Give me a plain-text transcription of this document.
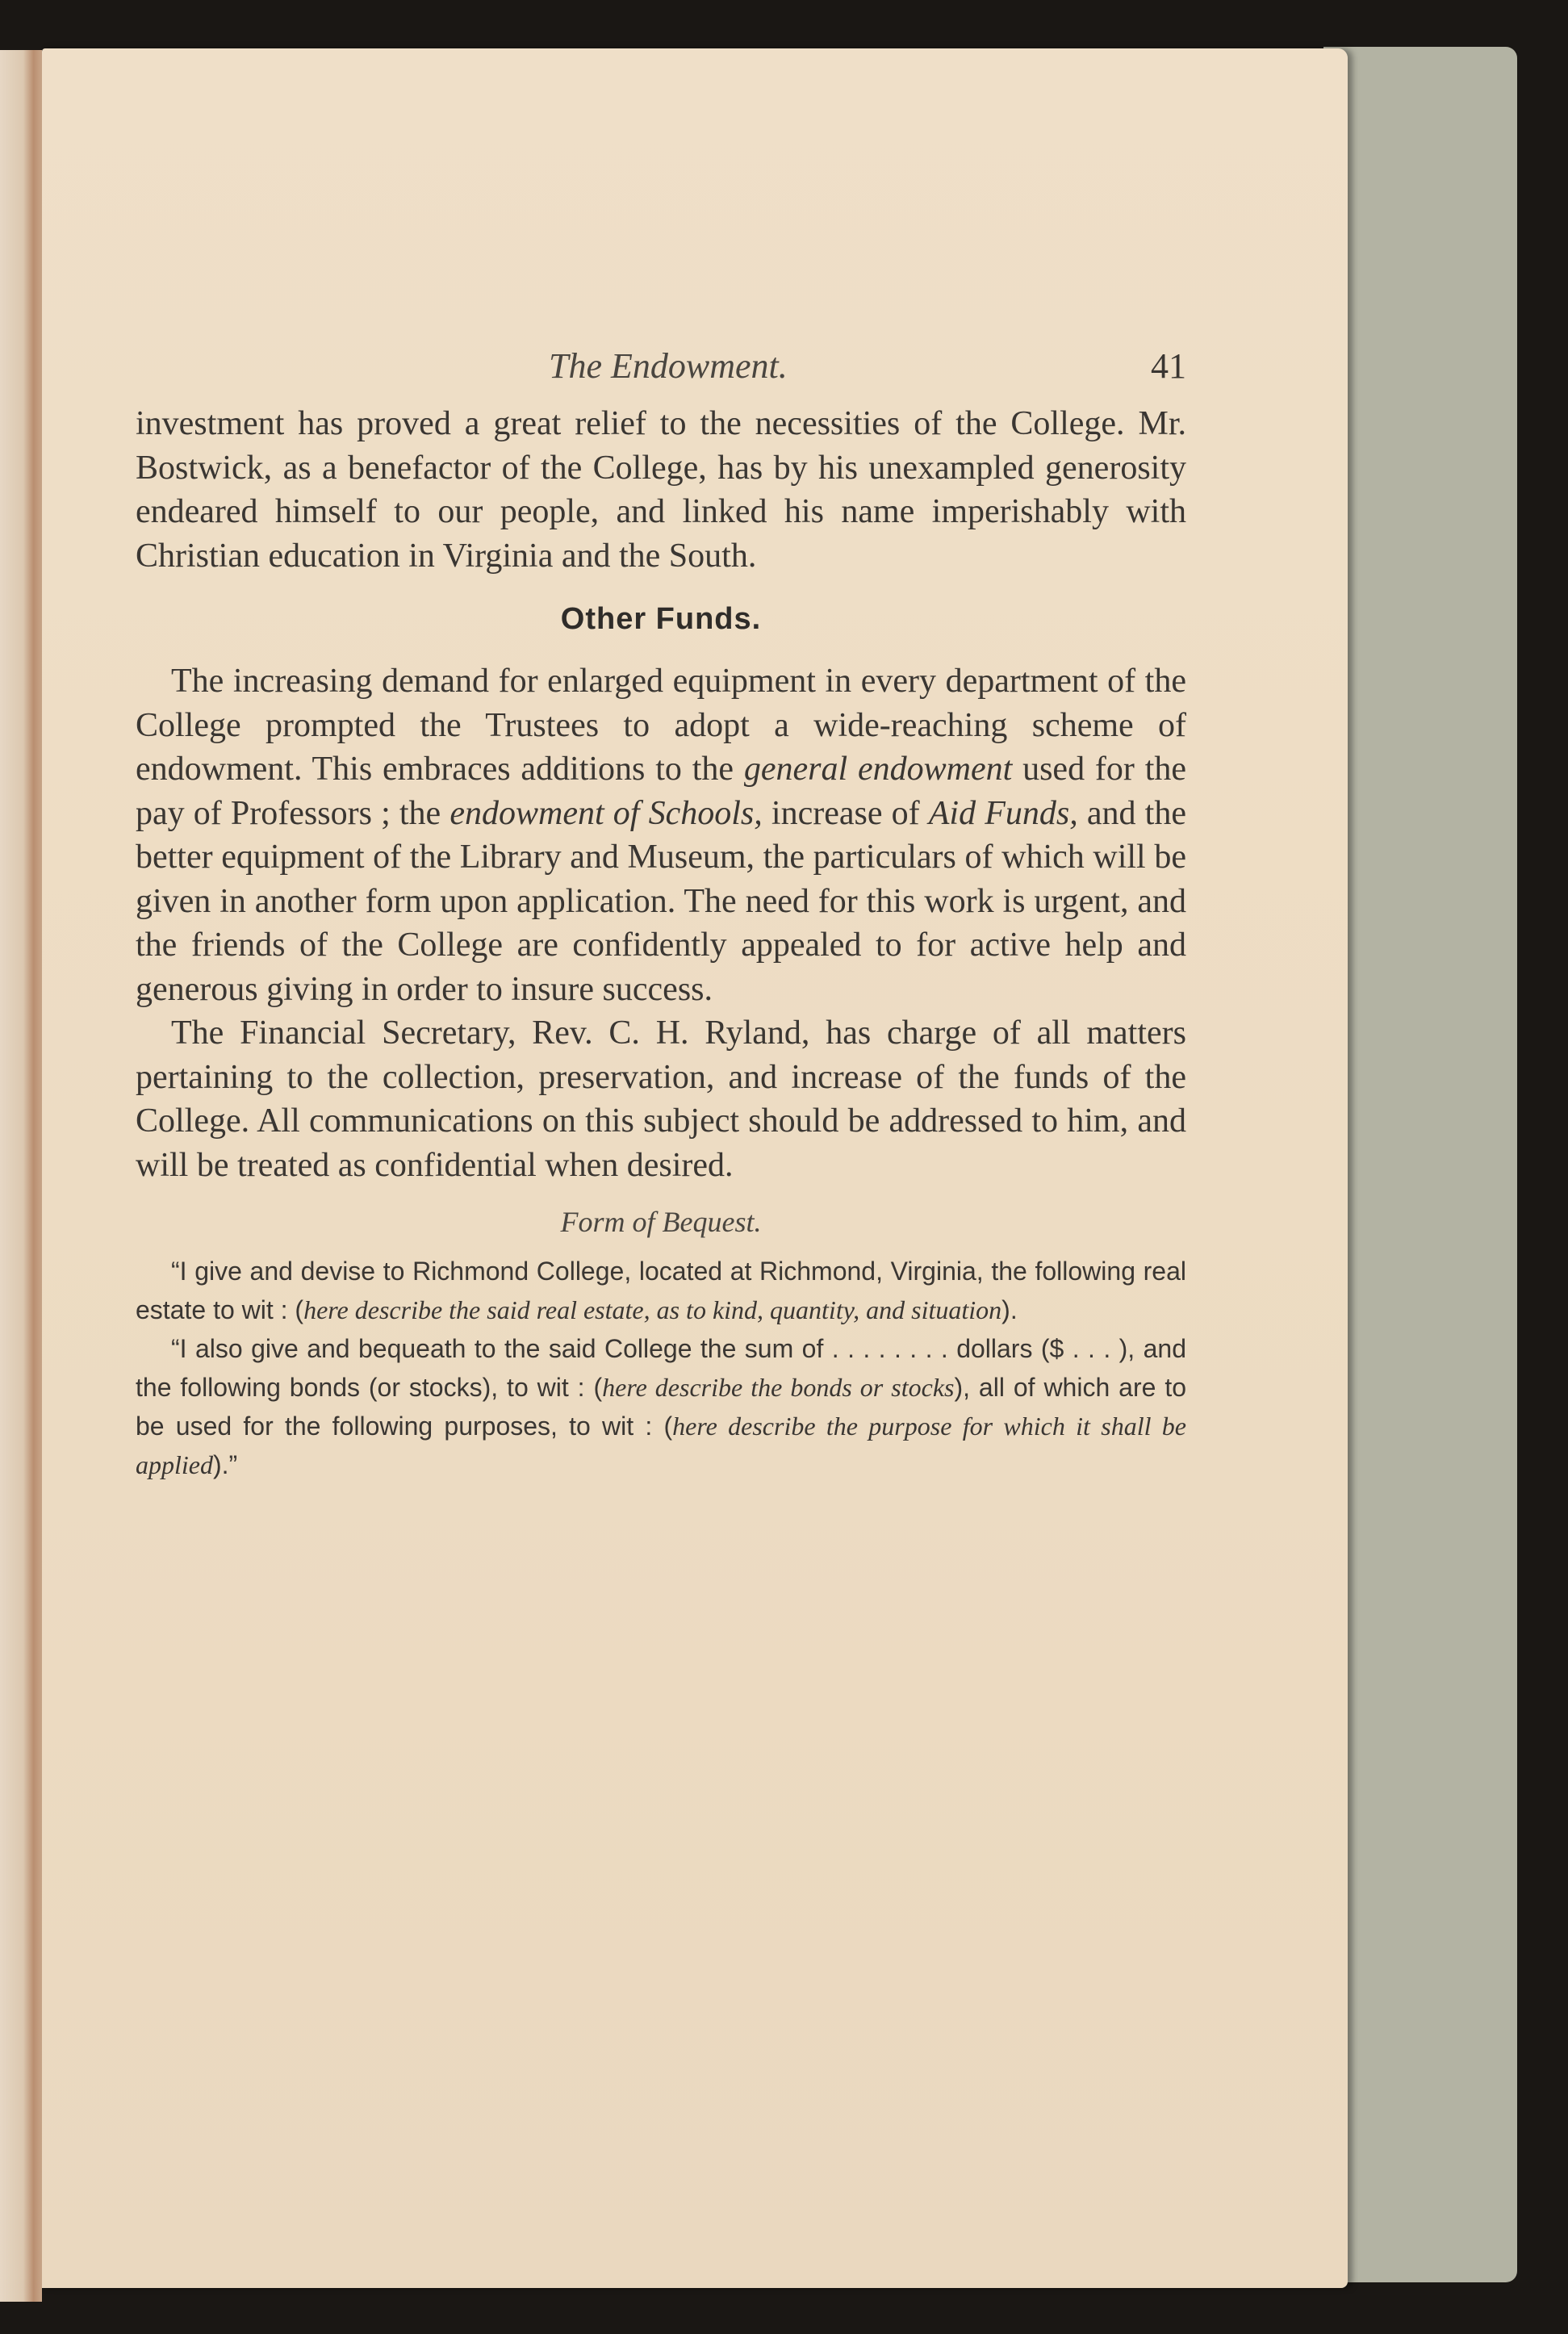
The Endowment.	41

investment has proved a great relief to the necessities of the College. Mr. Bostwick, as a benefactor of the College, has by his unexampled generosity endeared himself to our people, and linked his name imperishably with Christian education in Virginia and the South.

Other Funds.

The increasing demand for enlarged equipment in every department of the College prompted the Trustees to adopt a wide-reaching scheme of endowment. This embraces additions to the general endowment used for the pay of Professors ; the endowment of Schools, increase of Aid Funds, and the better equipment of the Library and Museum, the particulars of which will be given in another form upon application. The need for this work is urgent, and the friends of the College are confidently appealed to for active help and generous giving in order to insure success.

The Financial Secretary, Rev. C. H. Ryland, has charge of all matters pertaining to the collection, preservation, and increase of the funds of the College. All communications on this subject should be addressed to him, and will be treated as confidential when desired.

Form of Bequest.

“I give and devise to Richmond College, located at Richmond, Virginia, the following real estate to wit : (here describe the said real estate, as to kind, quantity, and situation).

“I also give and bequeath to the said College the sum of . . . . . . . . dollars ($ . . . ), and the following bonds (or stocks), to wit : (here describe the bonds or stocks), all of which are to be used for the following purposes, to wit : (here describe the purpose for which it shall be applied).”
